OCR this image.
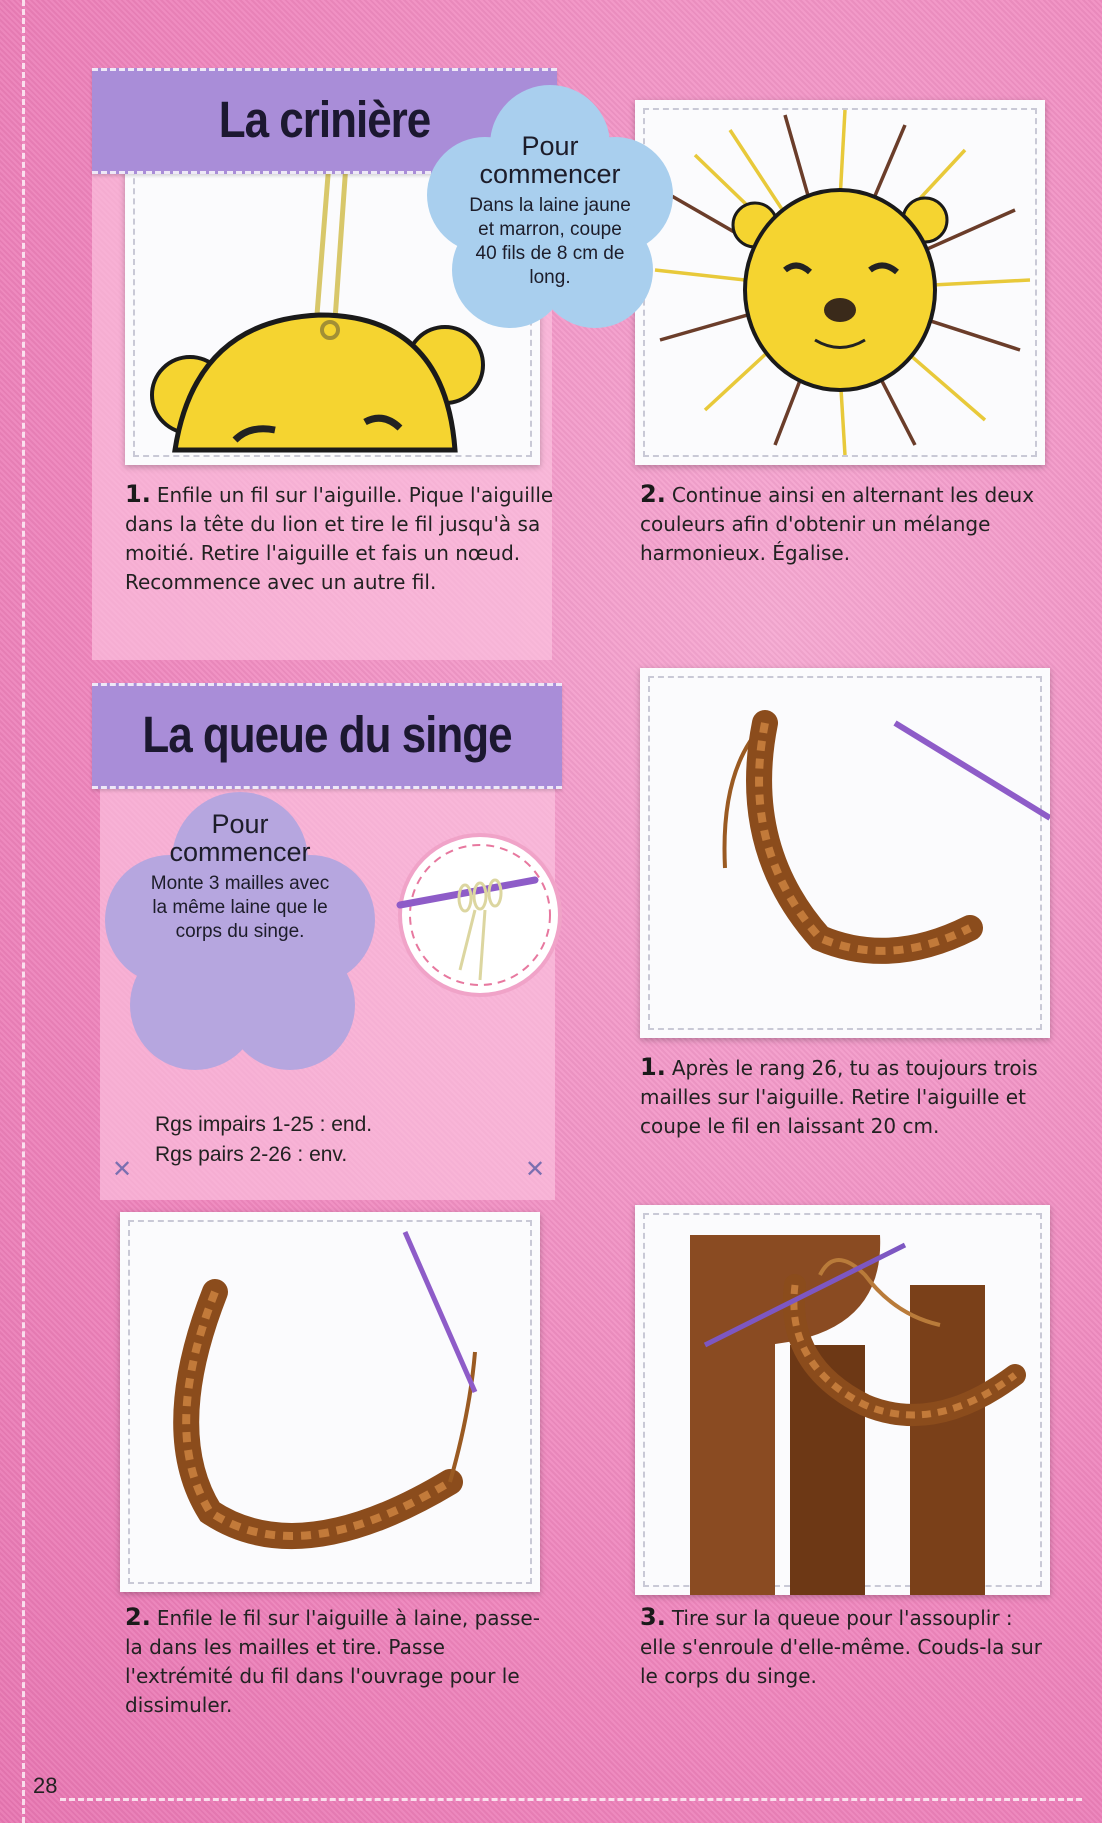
La crinière	Pour commencer
Dans la laine jaune et marron, coupe 40 fils de 8 cm de long.
1. Enfile un fil sur l'aiguille. Pique l'aiguille dans la tête du lion et tire le fil jusqu'à sa moitié. Retire l'aiguille et fais un nœud. Recommence avec un autre fil.
2. Continue ainsi en alternant les deux couleurs afin d'obtenir un mélange harmonieux. Égalise.
La queue du singe
Pour commencer
Monte 3 mailles avec la même laine que le corps du singe.
Rgs impairs 1-25 : end.
Rgs pairs 2-26 : env.
✕	✕
1. Après le rang 26, tu as toujours trois mailles sur l'aiguille. Retire l'aiguille et coupe le fil en laissant 20 cm.
2. Enfile le fil sur l'aiguille à laine, passe-la dans les mailles et tire. Passe l'extrémité du fil dans l'ouvrage pour le dissimuler.
3. Tire sur la queue pour l'assouplir : elle s'enroule d'elle-même. Couds-la sur le corps du singe.
28
